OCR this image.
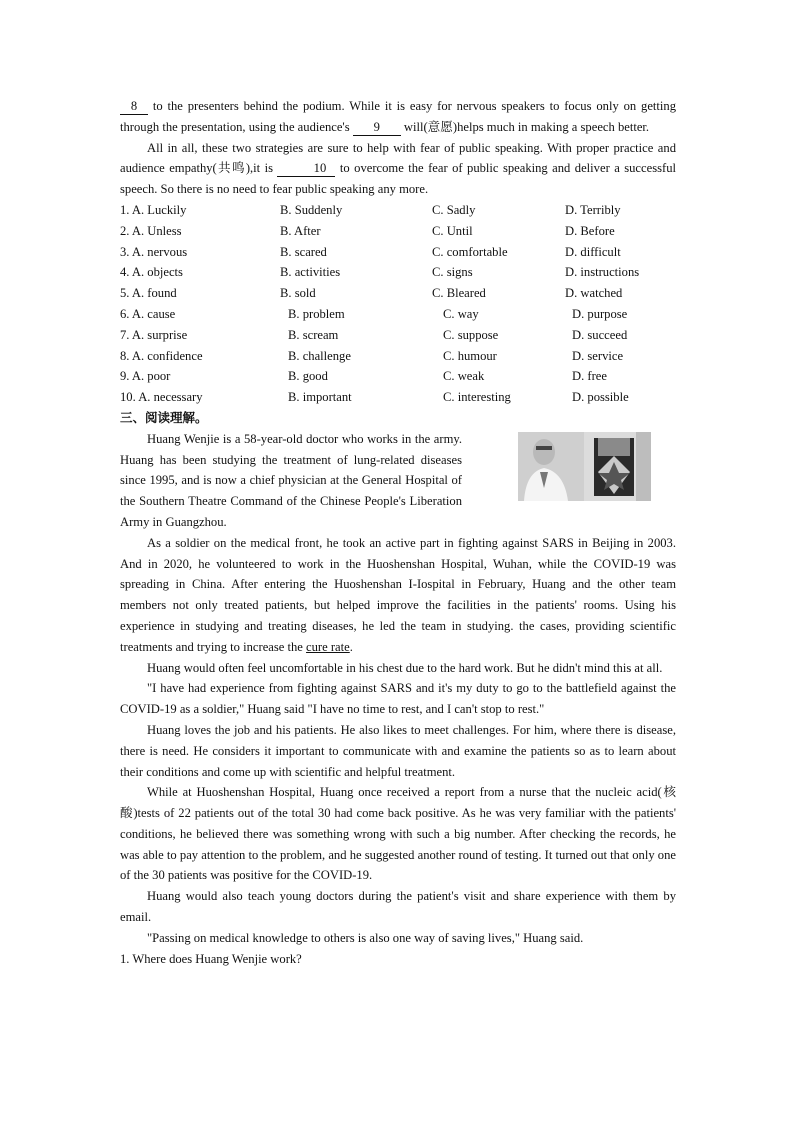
8 to the presenters behind the podium. While it is easy for nervous speakers to focus only on getting through the presentation, using the audience's 9 will(意愿)helps much in making a speech better.

All in all, these two strategies are sure to help with fear of public speaking. With proper practice and audience empathy(共鸣),it is	10 to overcome the fear of public speaking and deliver a successful speech. So there is no need to fear public speaking any more.

1. A. Luckily	B. Suddenly	C. Sadly	D. Terribly
2. A. Unless	B. After	C. Until	D. Before
3. A. nervous	B. scared	C. comfortable	D. difficult
4. A. objects	B. activities	C. signs	D. instructions
5. A. found	B. sold	C. Bleared	D. watched
6. A. cause	B. problem	C. way	D. purpose
7. A. surprise	B. scream	C. suppose	D. succeed
8. A. confidence	B. challenge	C. humour	D. service
9. A. poor	B. good	C. weak	D. free
10. A. necessary	B. important	C. interesting	D. possible
三、阅读理解。

Huang Wenjie is a 58-year-old doctor who works in the army. Huang has been studying the treatment of lung-related diseases since 1995, and is now a chief physician at the General Hospital of the Southern Theatre Command of the Chinese People's Liberation Army in Guangzhou.

As a soldier on the medical front, he took an active part in fighting against SARS in Beijing in 2003. And in 2020, he volunteered to work in the Huoshenshan Hospital, Wuhan, while the COVID-19 was spreading in China. After entering the Huoshenshan I-Iospital in February, Huang and the other team members not only treated patients, but helped improve the facilities in the patients' rooms. Using his experience in studying and treating diseases, he led the team in studying. the cases, providing scientific treatments and trying to increase the cure rate.

Huang would often feel uncomfortable in his chest due to the hard work. But he didn't mind this at all.

"I have had experience from fighting against SARS and it's my duty to go to the battlefield against the COVID-19 as a soldier," Huang said "I have no time to rest, and I can't stop to rest."

Huang loves the job and his patients. He also likes to meet challenges. For him, where there is disease, there is need. He considers it important to communicate with and examine the patients so as to learn about their conditions and come up with scientific and helpful treatment.

While at Huoshenshan Hospital, Huang once received a report from a nurse that the nucleic acid(核酸)tests of 22 patients out of the total 30 had come back positive. As he was very familiar with the patients' conditions, he believed there was something wrong with such a big number. After checking the records, he was able to pay attention to the problem, and he suggested another round of testing. It turned out that only one of the 30 patients was positive for the COVID-19.

Huang would also teach young doctors during the patient's visit and share experience with them by email.

"Passing on medical knowledge to others is also one way of saving lives," Huang said.

1. Where does Huang Wenjie work?
